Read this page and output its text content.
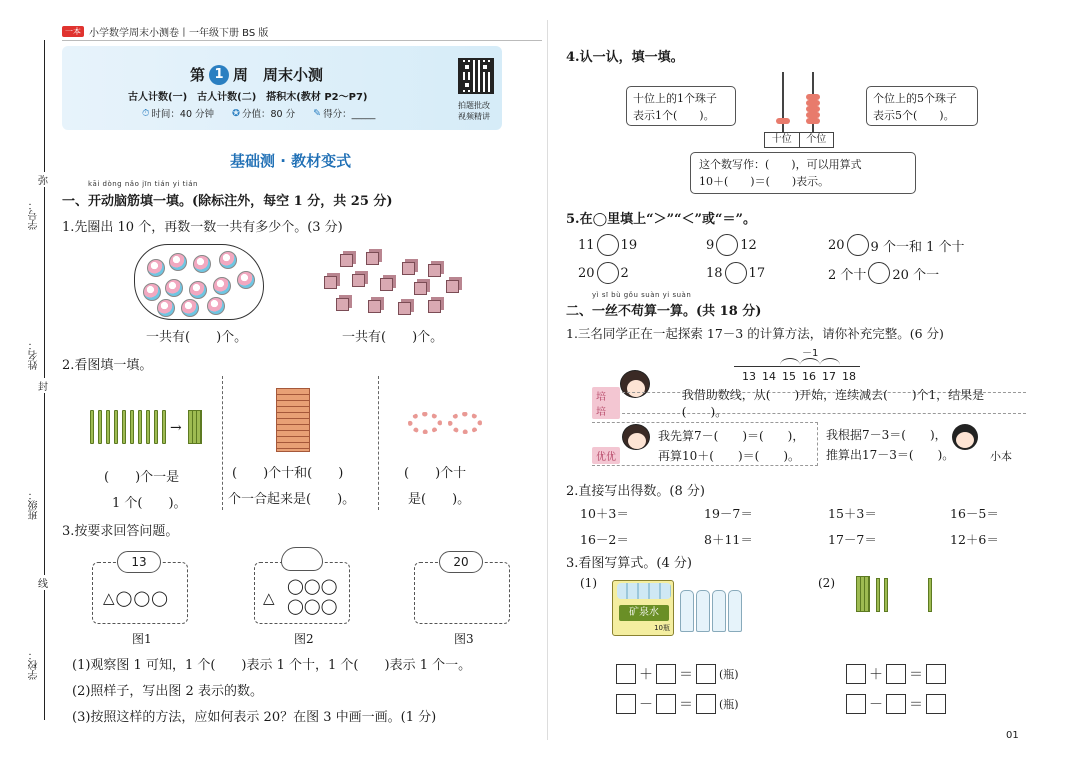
弥
学号：
封
姓名：
班级：
线
学校：
一本 小学数学周末小测卷丨一年级下册 BS 版
第 1 周　周末小测
古人计数(一)　古人计数(二)　搭积木(教材 P2～P7)
⏱ 时间：40 分钟 ✪ 分值：80 分 ✎ 得分：_____
拍题批改
视频精讲
基础测 · 教材变式
kāi dòng nǎo jīn tián yi tián
一、开动脑筋填一填。(除标注外，每空 1 分，共 25 分)
1.先圈出 10 个，再数一数一共有多少个。(3 分)
一共有(　　)个。	一共有(　　)个。
2.看图填一填。
→
(　　)个一是
1 个(　　)。
(　　)个十和(　　)
个一合起来是(　　)。
(　　)个十
是(　　)。
3.按要求回答问题。
13
△◯◯◯	△
◯◯◯
◯◯◯
20
图1	图2	图3
(1)观察图 1 可知，1 个(　　)表示 1 个十，1 个(　　)表示 1 个一。
(2)照样子，写出图 2 表示的数。
(3)按照这样的方法，应如何表示 20？在图 3 中画一画。(1 分)
4.认一认，填一填。
十位上的1个珠子
表示1个(　　)。
十位	个位
个位上的5个珠子
表示5个(　　)。
这个数写作：(　　)，可以用算式
10＋(　　)＝(　　)表示。
5.在◯里填上“＞”“＜”或“＝”。
11 19	9 12	20 9 个一和 1 个十
20 2	18 17	2 个十 20 个一
yì sī bù gǒu suàn yi suàn
二、一丝不苟算一算。(共 18 分)
1.三名同学正在一起探索 17－3 的计算方法，请你补充完整。(6 分)
－1
13 14 15 16 17 18
培培
我借助数线，从(　　)开始，连续减去(　　)个1，结果是(　　)。
优优
我先算7－(　　)＝(　　)，
再算10＋(　　)＝(　　)。
我根据7－3＝(　　)，
推算出17－3＝(　　)。	小本
2.直接写出得数。(8 分)
10＋3＝	19－7＝	15＋3＝	16－5＝
16－2＝	8＋11＝	17－7＝	12＋6＝
3.看图写算式。(4 分)
(1)
矿泉水
10瓶
(2)
＋ ＝ (瓶)
－ ＝ (瓶)
＋ ＝
－ ＝
01
